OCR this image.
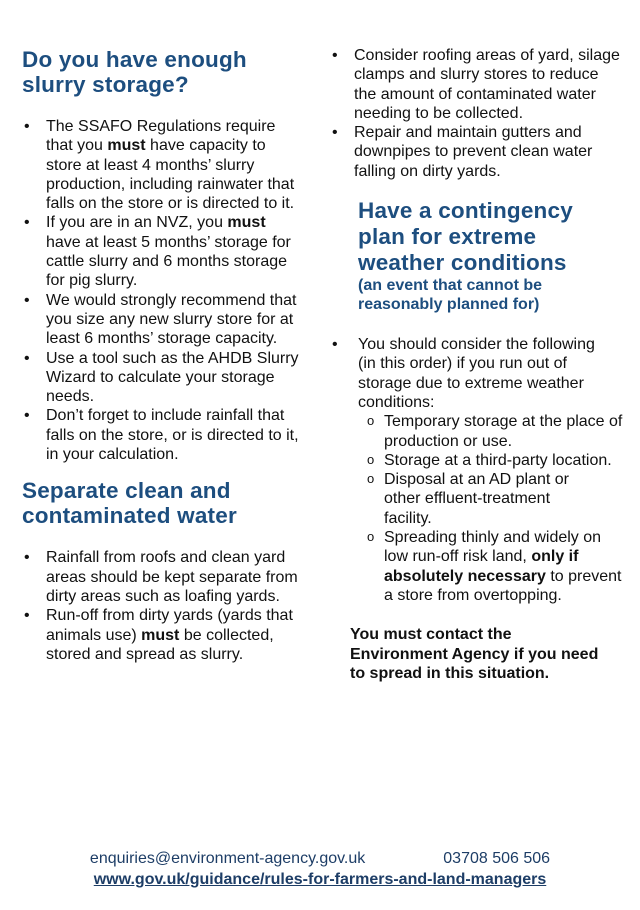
Do you have enough slurry storage?
• The SSAFO Regulations require that you must have capacity to store at least 4 months’ slurry production, including rainwater that falls on the store or is directed to it.
• If you are in an NVZ, you must have at least 5 months’ storage for cattle slurry and 6 months storage for pig slurry.
• We would strongly recommend that you size any new slurry store for at least 6 months’ storage capacity.
• Use a tool such as the AHDB Slurry Wizard to calculate your storage needs.
• Don’t forget to include rainfall that falls on the store, or is directed to it, in your calculation.
Separate clean and contaminated water
• Rainfall from roofs and clean yard areas should be kept separate from dirty areas such as loafing yards.
• Run-off from dirty yards (yards that animals use) must be collected, stored and spread as slurry.
• Consider roofing areas of yard, silage clamps and slurry stores to reduce the amount of contaminated water needing to be collected.
• Repair and maintain gutters and downpipes to prevent clean water falling on dirty yards.
Have a contingency plan for extreme weather conditions

(an event that cannot be reasonably planned for)

• You should consider the following (in this order) if you run out of storage due to extreme weather conditions:
o Temporary storage at the place of production or use.
o Storage at a third-party location.
o Disposal at an AD plant or other effluent-treatment facility.
o Spreading thinly and widely on low run-off risk land, only if absolutely necessary to prevent a store from overtopping.

You must contact the Environment Agency if you need to spread in this situation.

enquiries@environment-agency.gov.uk	03708 506 506
www.gov.uk/guidance/rules-for-farmers-and-land-managers
